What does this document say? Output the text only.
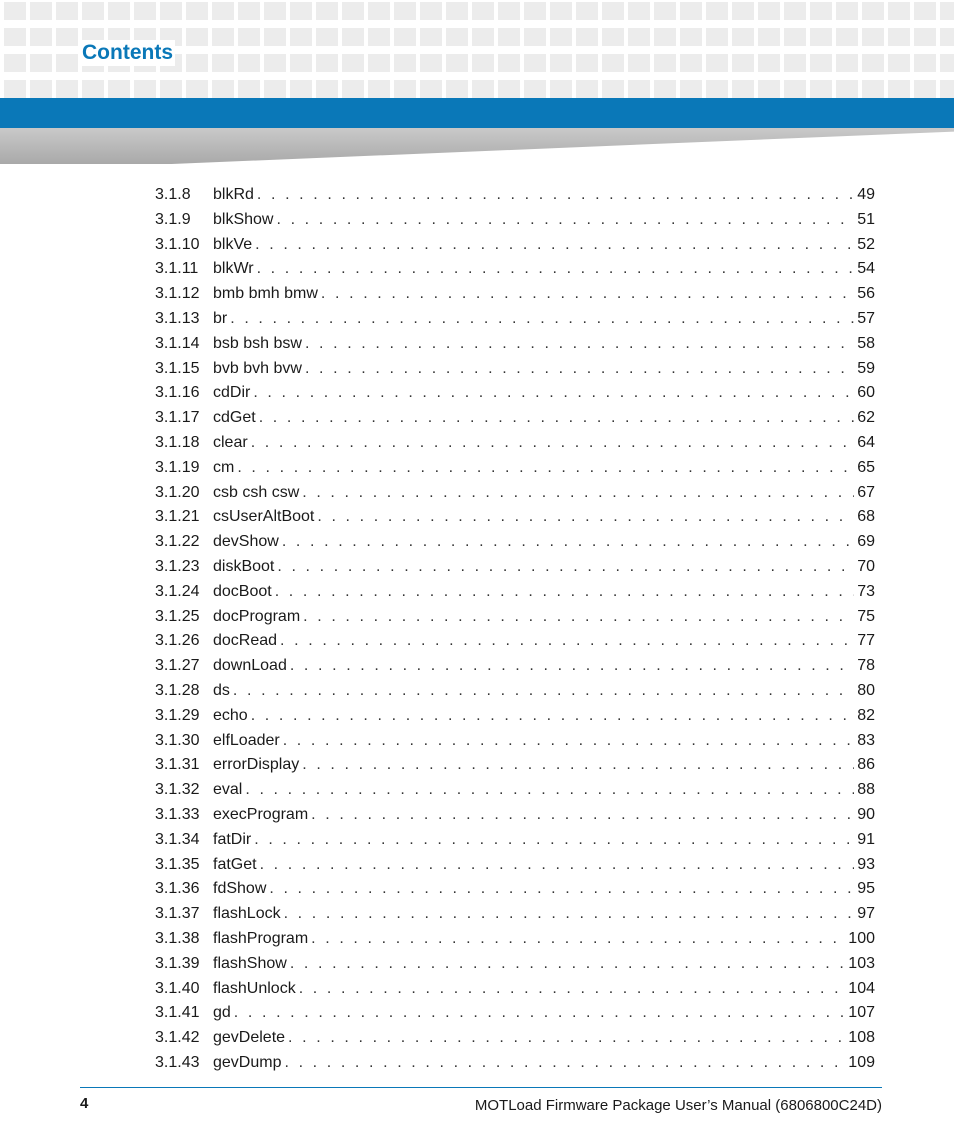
Contents
3.1.8	blkRd . . .	49
3.1.9	blkShow . . .	51
3.1.10 blkVe . . .	52
3.1.11 blkWr . . .	54
3.1.12 bmb bmh bmw . . .	56
3.1.13 br . . .	57
3.1.14 bsb bsh bsw . . .	58
3.1.15 bvb bvh bvw . . .	59
3.1.16 cdDir . . .	60
3.1.17 cdGet . . .	62
3.1.18 clear . . .	64
3.1.19 cm . . .	65
3.1.20 csb csh csw . . .	67
3.1.21 csUserAltBoot . . .	68
3.1.22 devShow . . .	69
3.1.23 diskBoot . . .	70
3.1.24 docBoot . . .	73
3.1.25 docProgram . . .	75
3.1.26 docRead . . .	77
3.1.27 downLoad . . .	78
3.1.28 ds . . .	80
3.1.29 echo . . .	82
3.1.30 elfLoader . . .	83
3.1.31 errorDisplay . . .	86
3.1.32 eval . . .	88
3.1.33 execProgram . . .	90
3.1.34 fatDir . . .	91
3.1.35 fatGet . . .	93
3.1.36 fdShow . . .	95
3.1.37 flashLock . . .	97
3.1.38 flashProgram . . .	100
3.1.39 flashShow . . .	103
3.1.40 flashUnlock . . .	104
3.1.41 gd . . .	107
3.1.42 gevDelete . . .	108
3.1.43 gevDump . . .	109
4	MOTLoad Firmware Package User’s Manual (6806800C24D)
